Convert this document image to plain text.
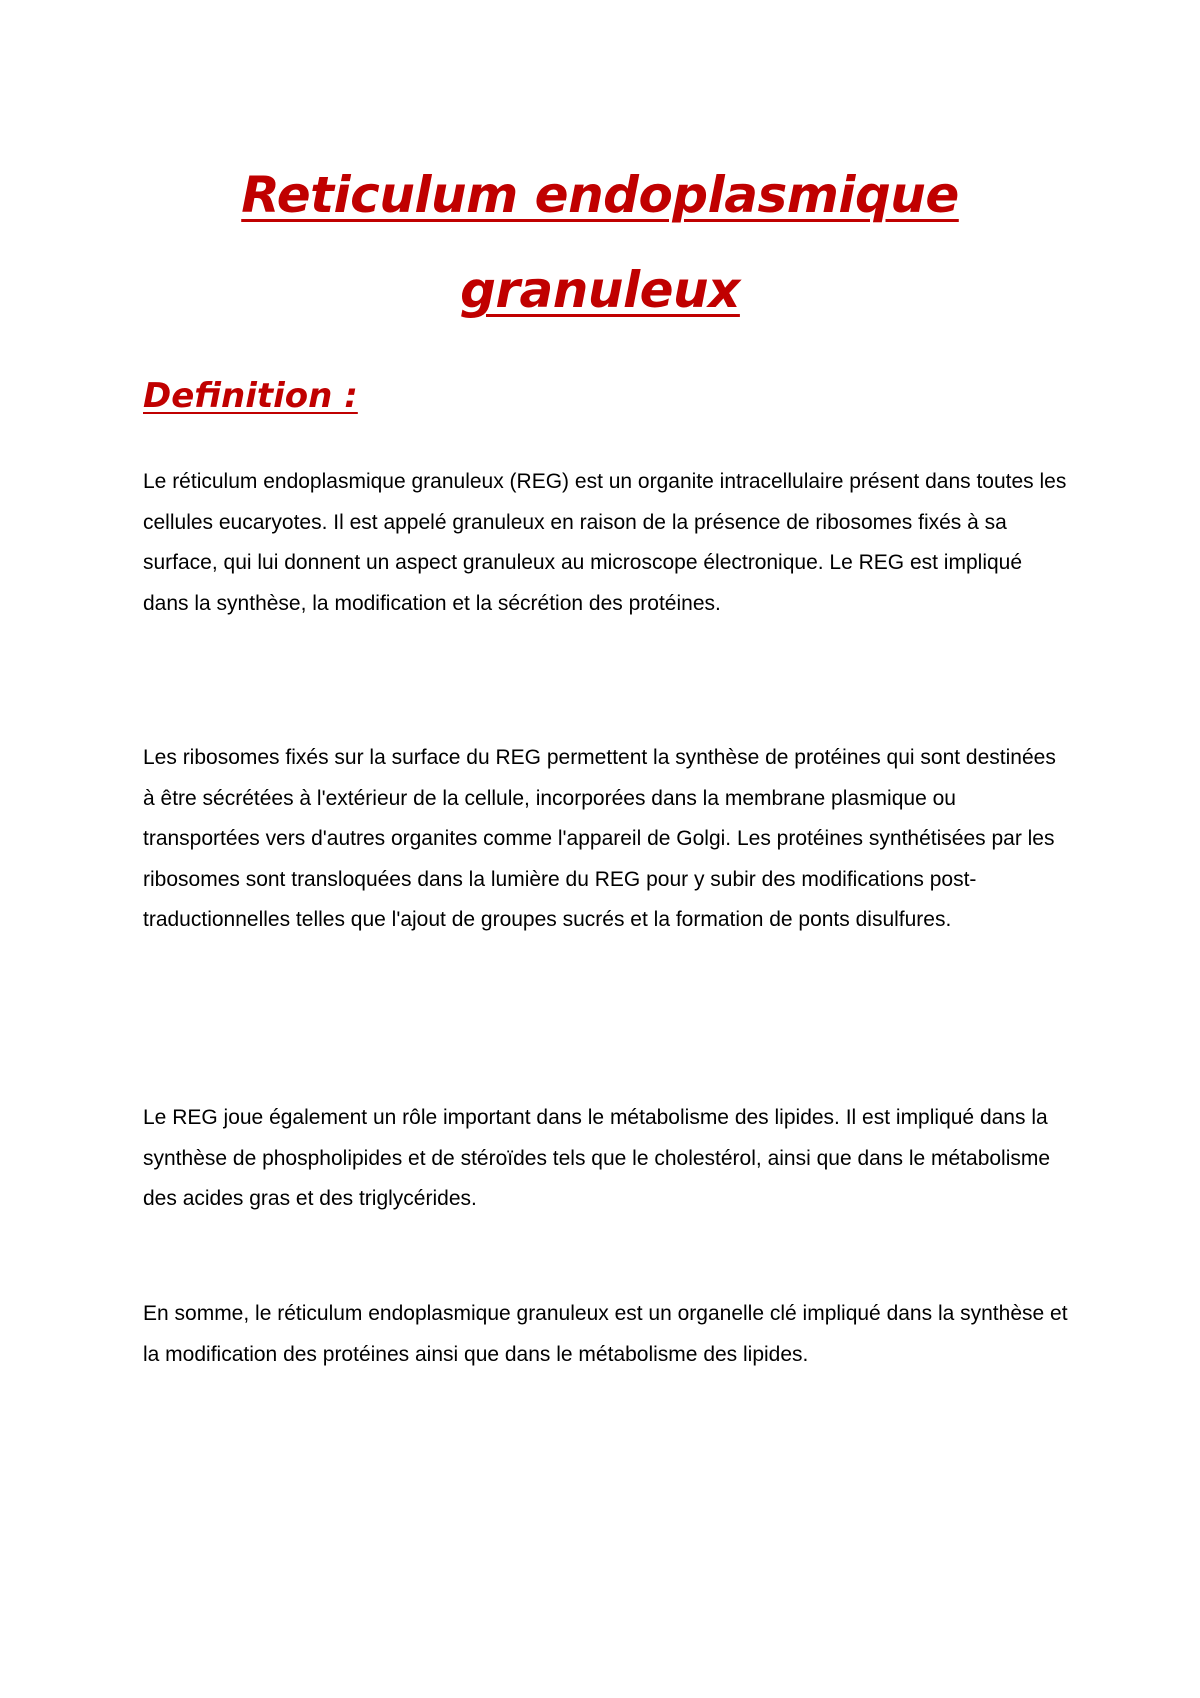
Reticulum endoplasmique granuleux
Definition :

Le réticulum endoplasmique granuleux (REG) est un organite intracellulaire présent dans toutes les cellules eucaryotes. Il est appelé granuleux en raison de la présence de ribosomes fixés à sa surface, qui lui donnent un aspect granuleux au microscope électronique. Le REG est impliqué dans la synthèse, la modification et la sécrétion des protéines.

Les ribosomes fixés sur la surface du REG permettent la synthèse de protéines qui sont destinées à être sécrétées à l'extérieur de la cellule, incorporées dans la membrane plasmique ou transportées vers d'autres organites comme l'appareil de Golgi. Les protéines synthétisées par les ribosomes sont transloquées dans la lumière du REG pour y subir des modifications post-traductionnelles telles que l'ajout de groupes sucrés et la formation de ponts disulfures.

Le REG joue également un rôle important dans le métabolisme des lipides. Il est impliqué dans la synthèse de phospholipides et de stéroïdes tels que le cholestérol, ainsi que dans le métabolisme des acides gras et des triglycérides.

En somme, le réticulum endoplasmique granuleux est un organelle clé impliqué dans la synthèse et la modification des protéines ainsi que dans le métabolisme des lipides.
